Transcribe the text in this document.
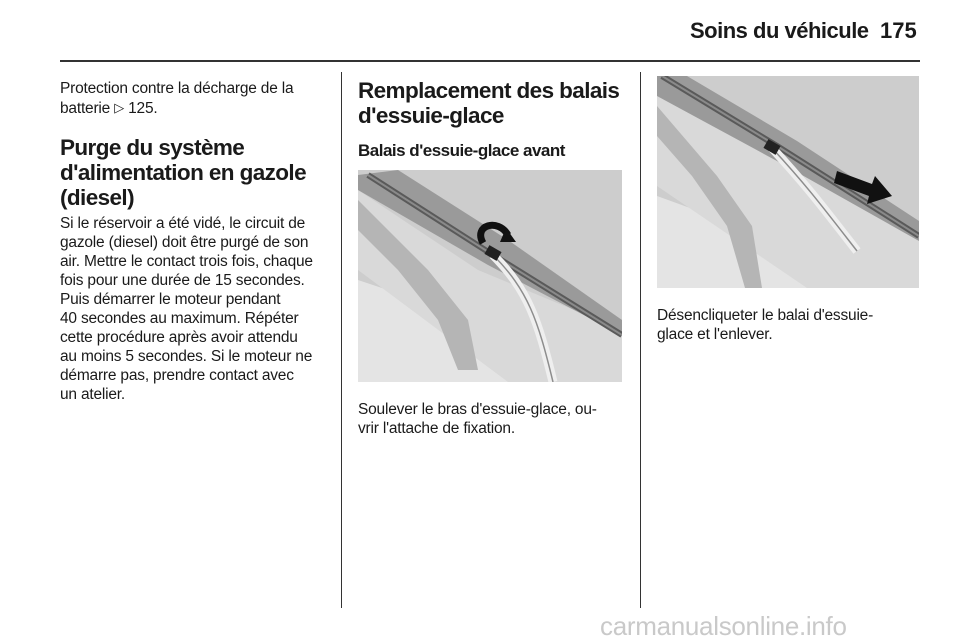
Soins du véhicule 175
Protection contre la décharge de la
batterie ▷ 125.
Purge du système
d'alimentation en gazole
(diesel)
Si le réservoir a été vidé, le circuit de
gazole (diesel) doit être purgé de son
air. Mettre le contact trois fois, chaque
fois pour une durée de 15 secondes.
Puis démarrer le moteur pendant
40 secondes au maximum. Répéter
cette procédure après avoir attendu
au moins 5 secondes. Si le moteur ne
démarre pas, prendre contact avec
un atelier.
Remplacement des balais
d'essuie-glace
Balais d'essuie-glace avant
Soulever le bras d'essuie-glace, ou-
vrir l'attache de fixation.
Désencliqueter le balai d'essuie-
glace et l'enlever.
carmanualsonline.info
